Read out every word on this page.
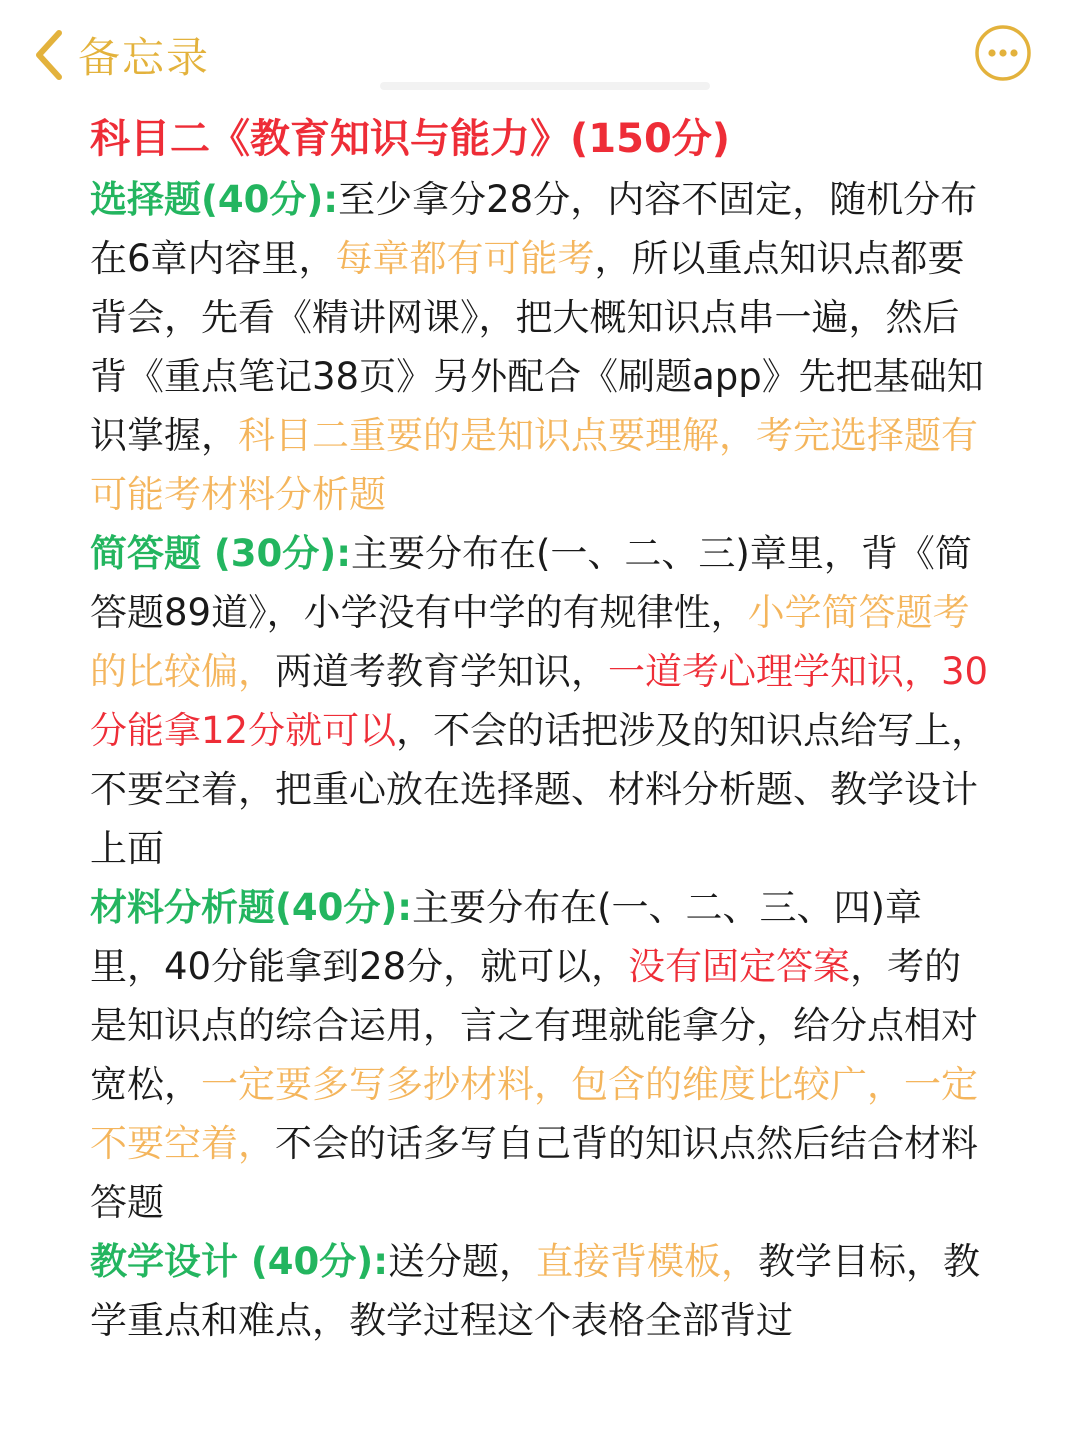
备忘录
科目二《教育知识与能力》(150分)

选择题(40分):至少拿分28分，内容不固定，随机分布在6章内容里，每章都有可能考，所以重点知识点都要背会，先看《精讲网课》，把大概知识点串一遍，然后背《重点笔记38页》另外配合《刷题app》先把基础知识掌握，科目二重要的是知识点要理解，考完选择题有可能考材料分析题

简答题 (30分):主要分布在(一、二、三)章里，背《简答题89道》，小学没有中学的有规律性，小学简答题考的比较偏，两道考教育学知识，一道考心理学知识，30分能拿12分就可以，不会的话把涉及的知识点给写上，不要空着，把重心放在选择题、材料分析题、教学设计上面

材料分析题(40分):主要分布在(一、二、三、四)章里，40分能拿到28分，就可以，没有固定答案，考的是知识点的综合运用，言之有理就能拿分，给分点相对宽松，一定要多写多抄材料，包含的维度比较广，一定不要空着，不会的话多写自己背的知识点然后结合材料答题

教学设计 (40分):送分题，直接背模板，教学目标，教学重点和难点，教学过程这个表格全部背过
